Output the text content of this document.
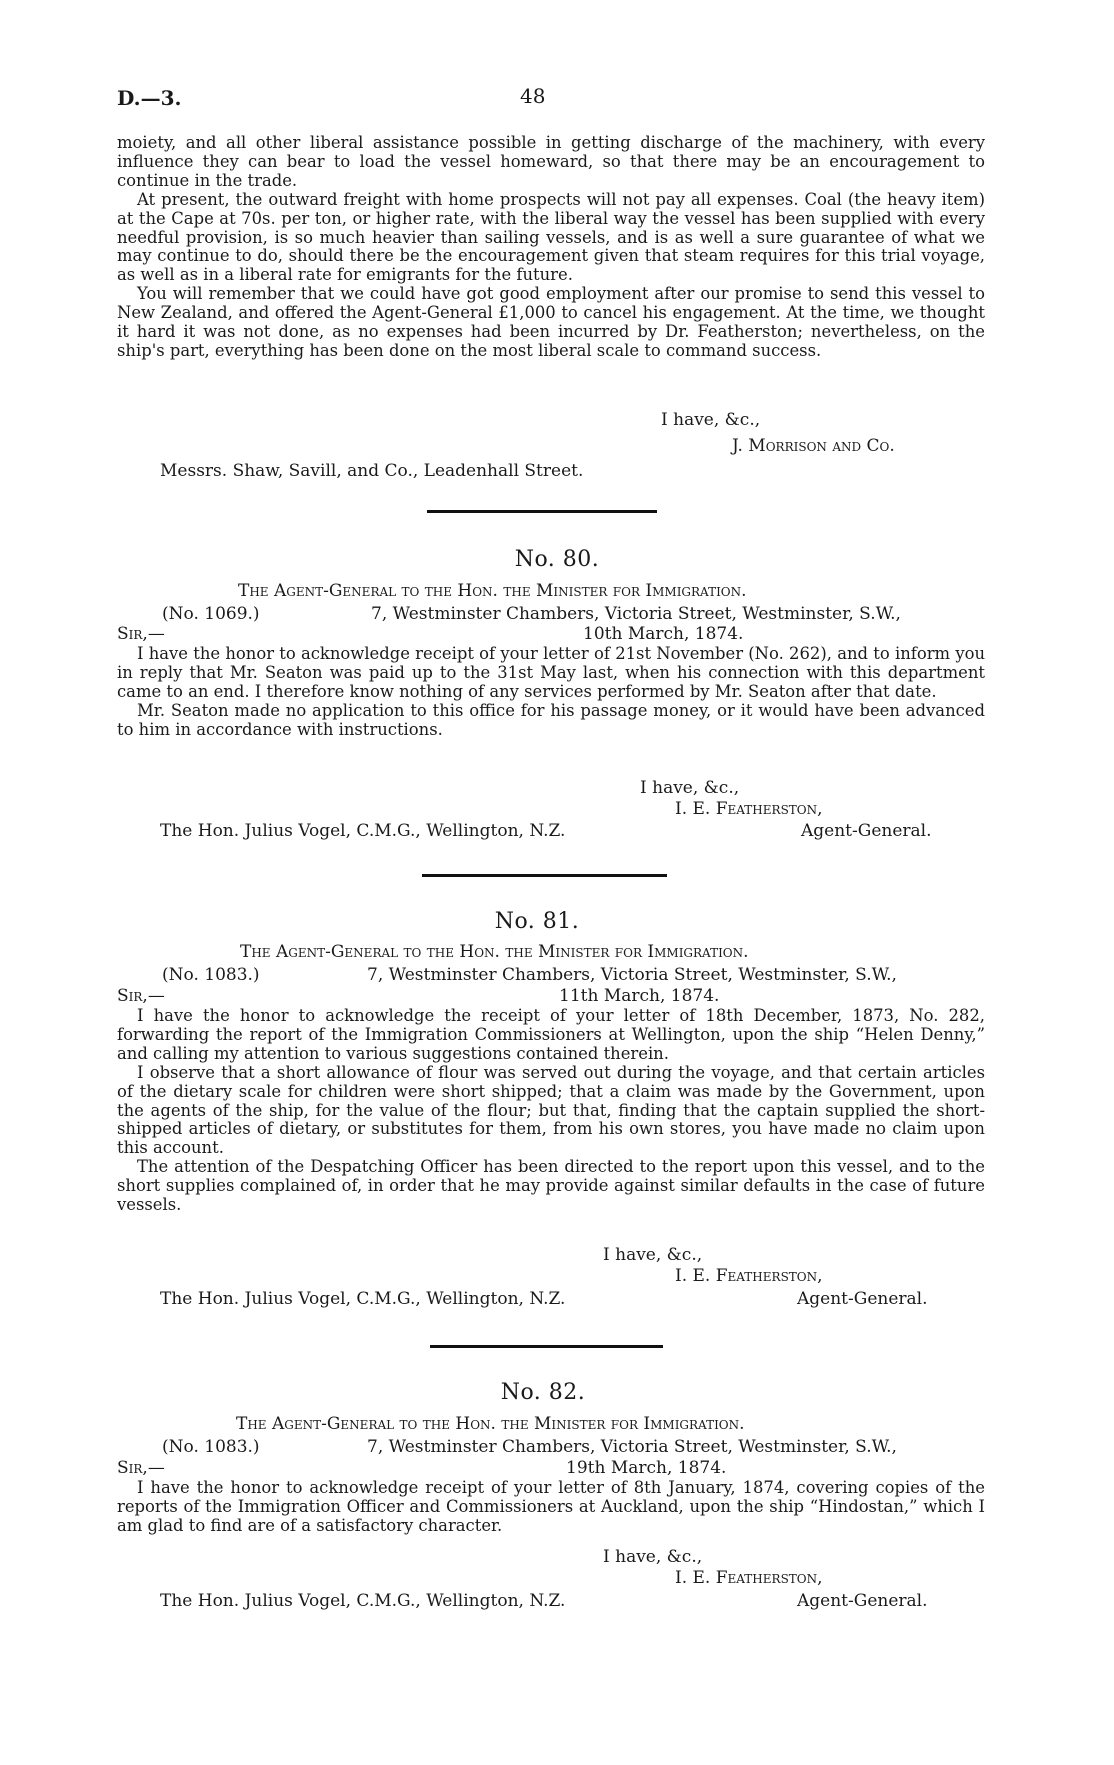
D.—3.	48

moiety, and all other liberal assistance possible in getting discharge of the machinery, with every influence they can bear to load the vessel homeward, so that there may be an encouragement to continue in the trade.

At present, the outward freight with home prospects will not pay all expenses. Coal (the heavy item) at the Cape at 70s. per ton, or higher rate, with the liberal way the vessel has been supplied with every needful provision, is so much heavier than sailing vessels, and is as well a sure guarantee of what we may continue to do, should there be the encouragement given that steam requires for this trial voyage, as well as in a liberal rate for emigrants for the future.

You will remember that we could have got good employment after our promise to send this vessel to New Zealand, and offered the Agent-General £1,000 to cancel his engagement. At the time, we thought it hard it was not done, as no expenses had been incurred by Dr. Featherston; nevertheless, on the ship's part, everything has been done on the most liberal scale to command success.

I have, &c.,
J. Morrison and Co.
Messrs. Shaw, Savill, and Co., Leadenhall Street.
No. 80.
The Agent-General to the Hon. the Minister for Immigration.
(No. 1069.)	7, Westminster Chambers, Victoria Street, Westminster, S.W.,
Sir,—	10th March, 1874.

I have the honor to acknowledge receipt of your letter of 21st November (No. 262), and to inform you in reply that Mr. Seaton was paid up to the 31st May last, when his connection with this department came to an end. I therefore know nothing of any services performed by Mr. Seaton after that date.

Mr. Seaton made no application to this office for his passage money, or it would have been advanced to him in accordance with instructions.

I have, &c.,
I. E. Featherston,
The Hon. Julius Vogel, C.M.G., Wellington, N.Z.	Agent-General.
No. 81.
The Agent-General to the Hon. the Minister for Immigration.
(No. 1083.)	7, Westminster Chambers, Victoria Street, Westminster, S.W.,
Sir,—	11th March, 1874.

I have the honor to acknowledge the receipt of your letter of 18th December, 1873, No. 282, forwarding the report of the Immigration Commissioners at Wellington, upon the ship “Helen Denny,” and calling my attention to various suggestions contained therein.

I observe that a short allowance of flour was served out during the voyage, and that certain articles of the dietary scale for children were short shipped; that a claim was made by the Government, upon the agents of the ship, for the value of the flour; but that, finding that the captain supplied the short-shipped articles of dietary, or substitutes for them, from his own stores, you have made no claim upon this account.

The attention of the Despatching Officer has been directed to the report upon this vessel, and to the short supplies complained of, in order that he may provide against similar defaults in the case of future vessels.

I have, &c.,
I. E. Featherston,
The Hon. Julius Vogel, C.M.G., Wellington, N.Z.	Agent-General.
No. 82.
The Agent-General to the Hon. the Minister for Immigration.
(No. 1083.)	7, Westminster Chambers, Victoria Street, Westminster, S.W.,
Sir,—	19th March, 1874.

I have the honor to acknowledge receipt of your letter of 8th January, 1874, covering copies of the reports of the Immigration Officer and Commissioners at Auckland, upon the ship “Hindostan,” which I am glad to find are of a satisfactory character.

I have, &c.,
I. E. Featherston,
The Hon. Julius Vogel, C.M.G., Wellington, N.Z.	Agent-General.
